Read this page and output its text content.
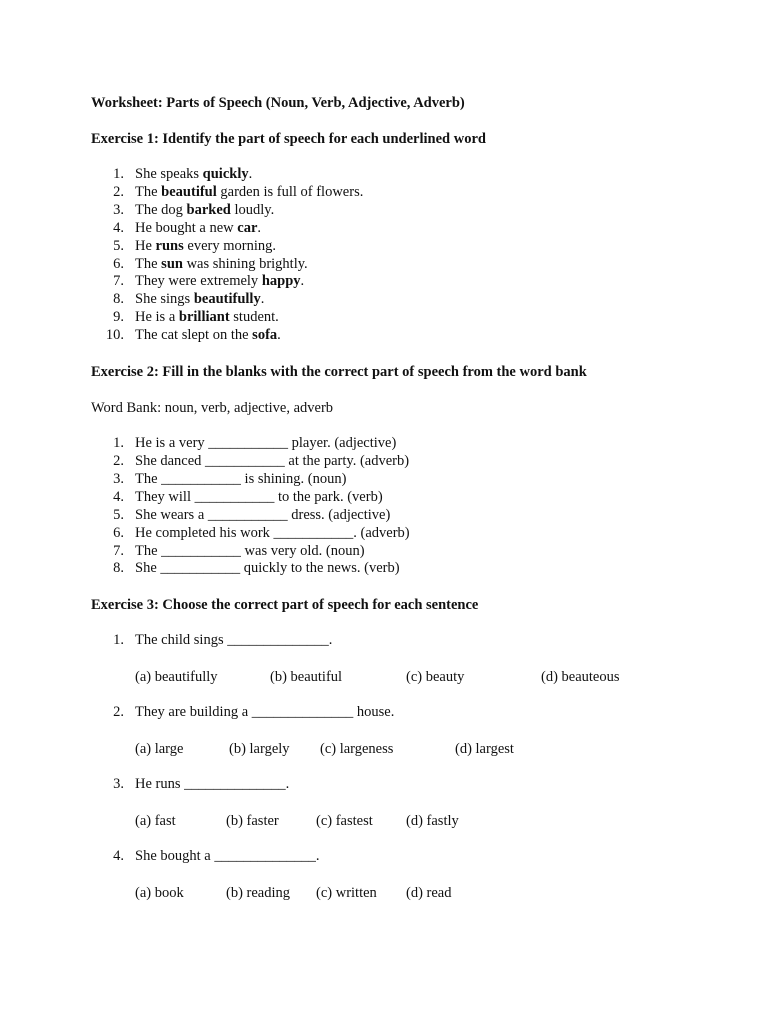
Worksheet: Parts of Speech (Noun, Verb, Adjective, Adverb)

Exercise 1: Identify the part of speech for each underlined word

1. She speaks quickly.
2. The beautiful garden is full of flowers.
3. The dog barked loudly.
4. He bought a new car.
5. He runs every morning.
6. The sun was shining brightly.
7. They were extremely happy.
8. She sings beautifully.
9. He is a brilliant student.
10. The cat slept on the sofa.

Exercise 2: Fill in the blanks with the correct part of speech from the word bank

Word Bank: noun, verb, adjective, adverb

1. He is a very ___________ player. (adjective)
2. She danced ___________ at the party. (adverb)
3. The ___________ is shining. (noun)
4. They will ___________ to the park. (verb)
5. She wears a ___________ dress. (adjective)
6. He completed his work ___________. (adverb)
7. The ___________ was very old. (noun)
8. She ___________ quickly to the news. (verb)

Exercise 3: Choose the correct part of speech for each sentence

1. The child sings ______________.
(a) beautifully	(b) beautiful	(c) beauty	(d) beauteous
2. They are building a ______________ house.
(a) large	(b) largely (c) largeness	(d) largest
3. He runs ______________.
(a) fast	(b) faster	(c) fastest (d) fastly
4. She bought a ______________.
(a) book	(b) reading (c) written (d) read
